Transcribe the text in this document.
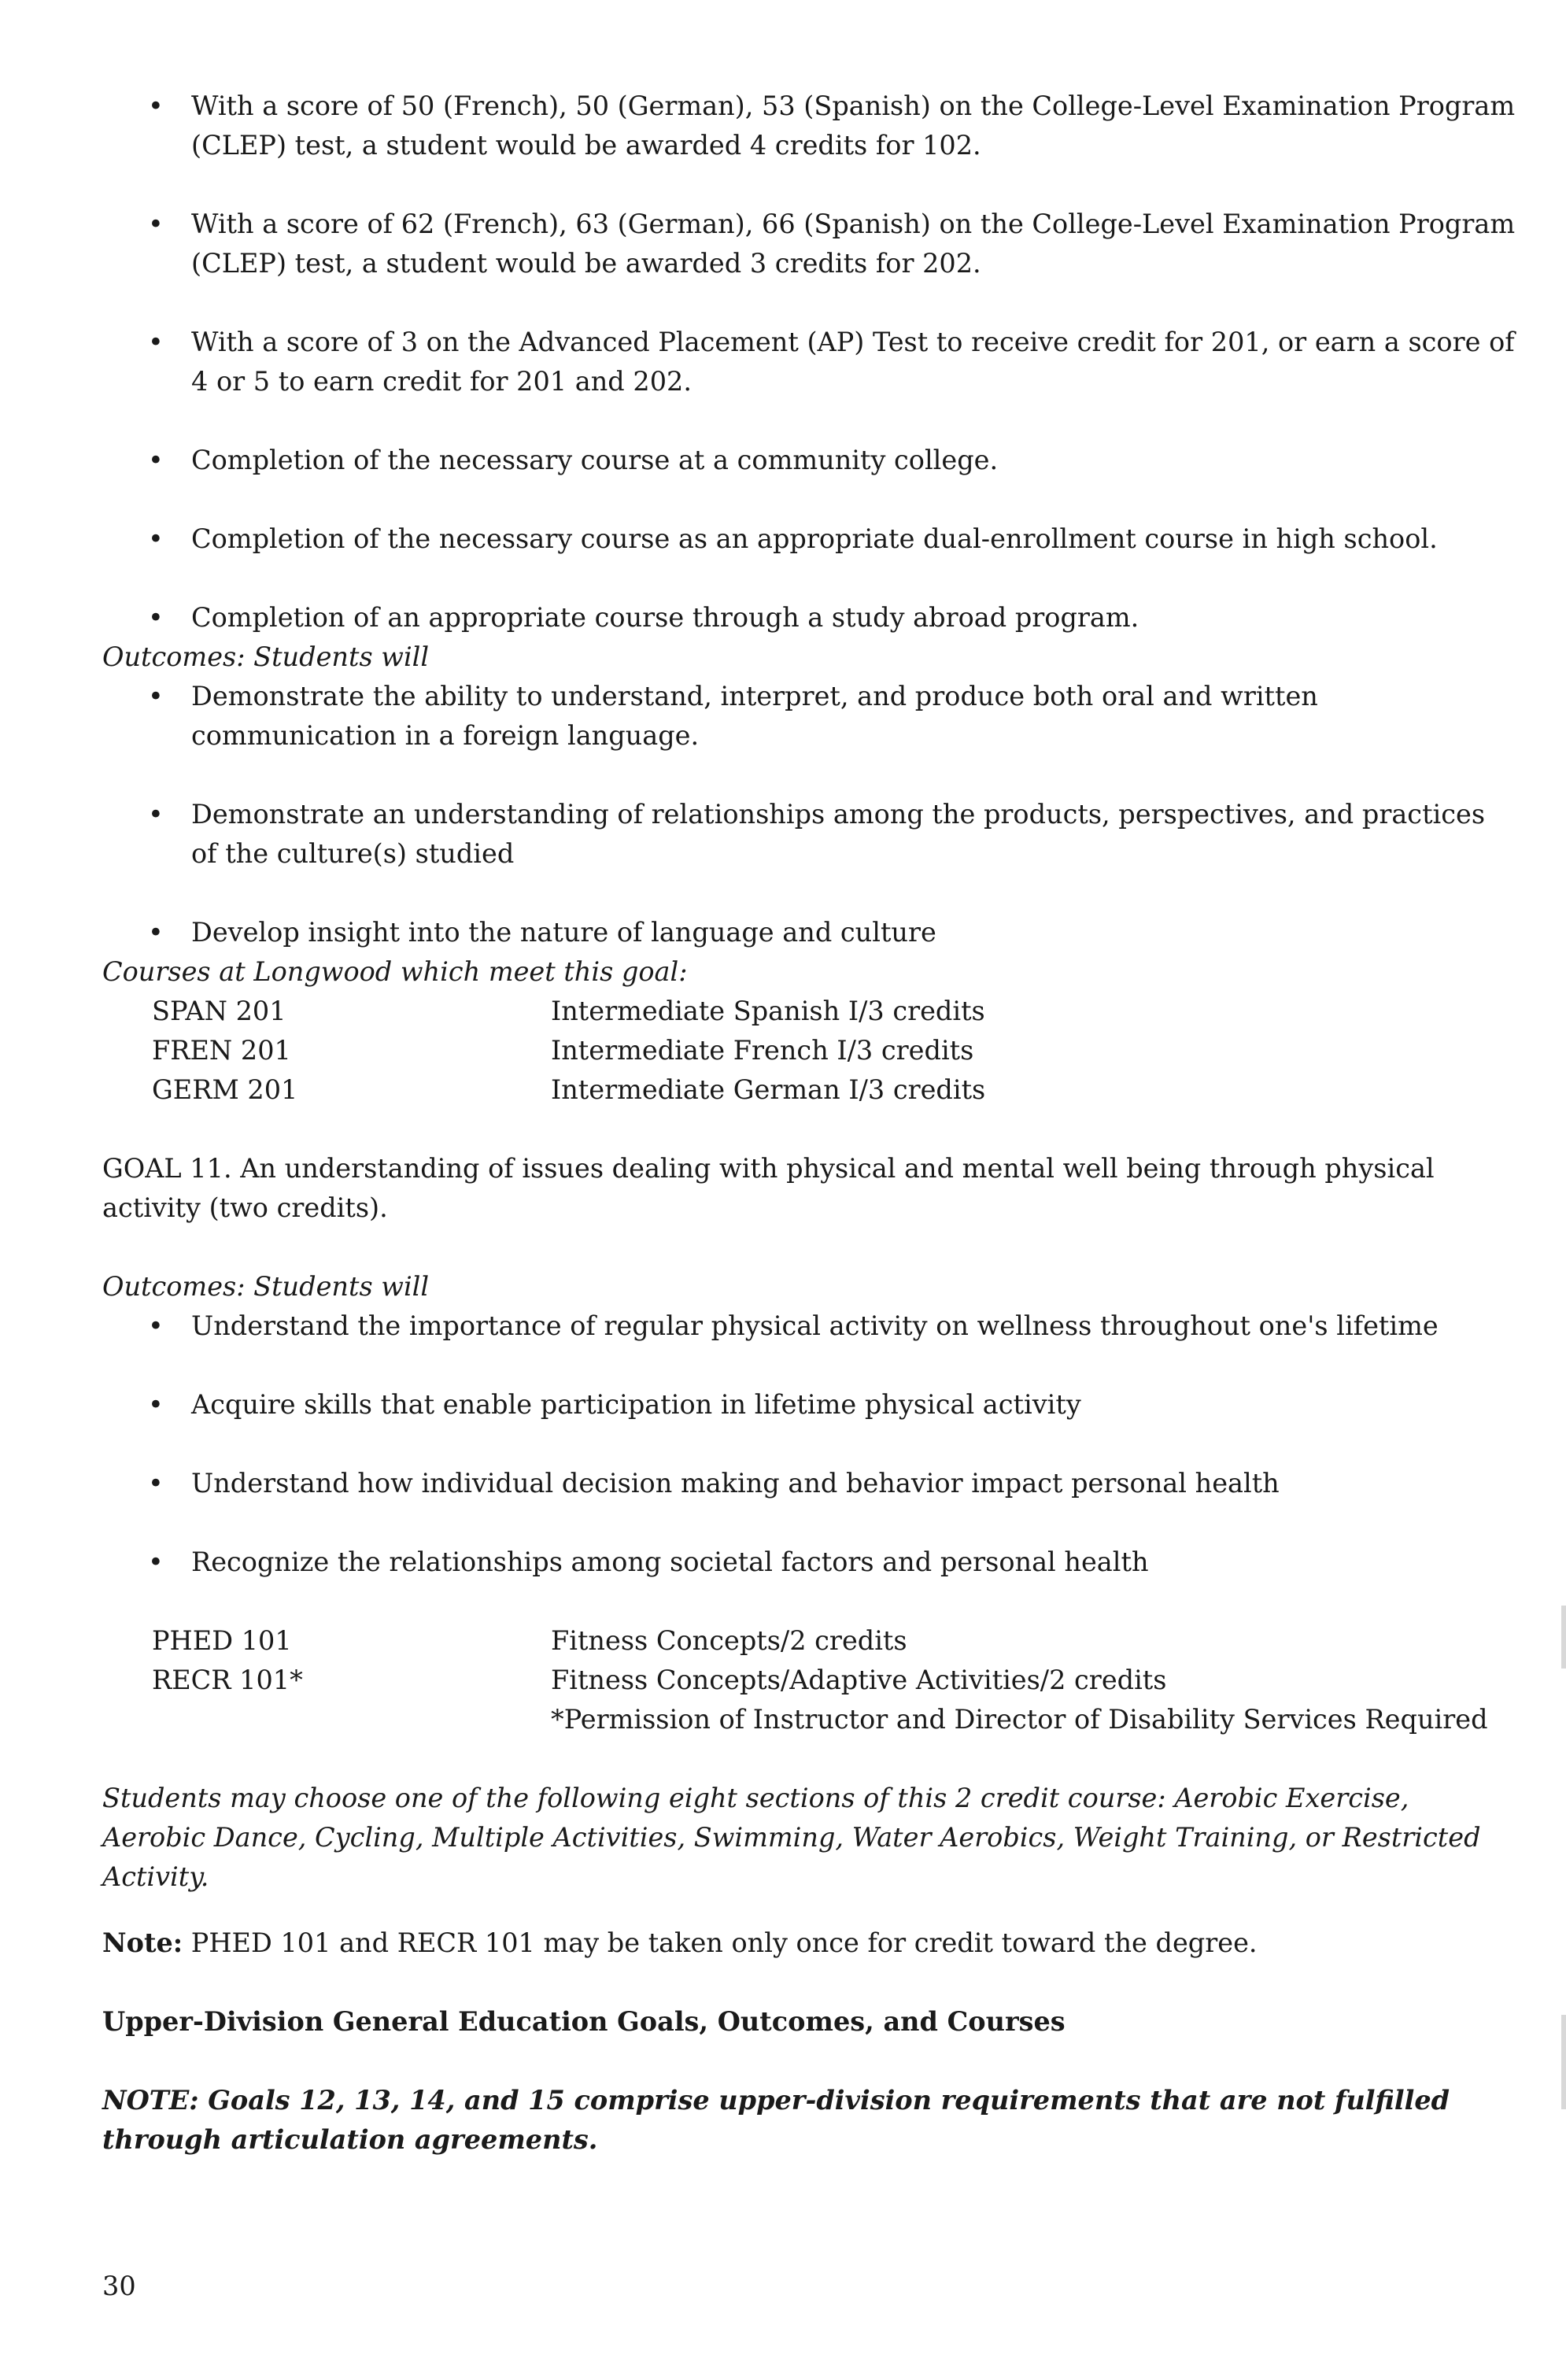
•	With a score of 50 (French), 50 (German), 53 (Spanish) on the College-Level Examination Program (CLEP) test, a student would be awarded 4 credits for 102.
•	With a score of 62 (French), 63 (German), 66 (Spanish) on the College-Level Examination Program (CLEP) test, a student would be awarded 3 credits for 202.
•	With a score of 3 on the Advanced Placement (AP) Test to receive credit for 201, or earn a score of 4 or 5 to earn credit for 201 and 202.
•	Completion of the necessary course at a community college.
•	Completion of the necessary course as an appropriate dual-enrollment course in high school.
•	Completion of an appropriate course through a study abroad program.

Outcomes: Students will

•	Demonstrate the ability to understand, interpret, and produce both oral and written communication in a foreign language.
•	Demonstrate an understanding of relationships among the products, perspectives, and practices of the culture(s) studied
•	Develop insight into the nature of language and culture

Courses at Longwood which meet this goal:

SPAN 201	Intermediate Spanish I/3 credits
FREN 201	Intermediate French I/3 credits
GERM 201	Intermediate German I/3 credits

GOAL 11. An understanding of issues dealing with physical and mental well being through physical activity (two credits).

Outcomes: Students will

•	Understand the importance of regular physical activity on wellness throughout one's lifetime
•	Acquire skills that enable participation in lifetime physical activity
•	Understand how individual decision making and behavior impact personal health
•	Recognize the relationships among societal factors and personal health
PHED 101	Fitness Concepts/2 credits
RECR 101*	Fitness Concepts/Adaptive Activities/2 credits
*Permission of Instructor and Director of Disability Services Required

Students may choose one of the following eight sections of this 2 credit course: Aerobic Exercise, Aerobic Dance, Cycling, Multiple Activities, Swimming, Water Aerobics, Weight Training, or Restricted Activity.

Note: PHED 101 and RECR 101 may be taken only once for credit toward the degree.

Upper-Division General Education Goals, Outcomes, and Courses

NOTE: Goals 12, 13, 14, and 15 comprise upper-division requirements that are not fulfilled through articulation agreements.

30
